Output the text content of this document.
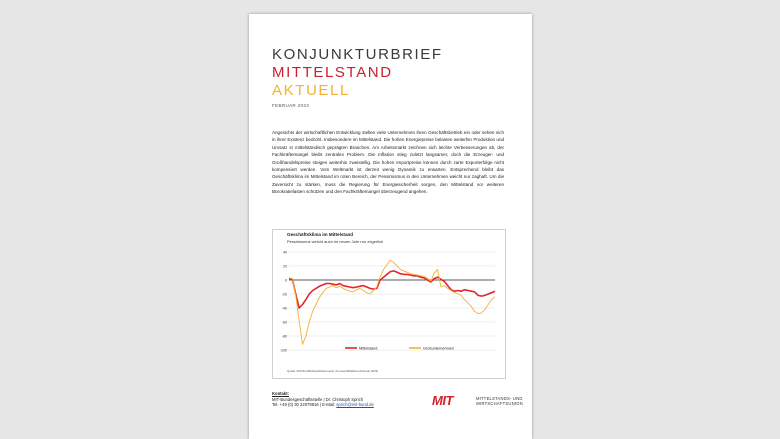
KONJUNKTURBRIEF
MITTELSTAND
AKTUELL
FEBRUAR 2023
Angesichts der wirtschaftlichen Entwicklung stellen viele Unternehmen ihren Geschäftsbetrieb ein oder sehen sich in ihrer Existenz bedroht. Insbesondere im Mittelstand. Die hohen Energiepreise belasten weiterhin Produktion und Umsatz in mittelständisch geprägten Branchen. Am Arbeitsmarkt zeichnen sich leichte Verbesserungen ab, der Fachkräftemangel bleibt zentrales Problem. Die Inflation stieg zuletzt langsamer, doch die Erzeuger- und Großhandelspreise steigen weiterhin zweistellig. Die hohen Importpreise können durch zarte Exporterfolge nicht kompensiert werden. Vom Weltmarkt ist derzeit wenig Dynamik zu erwarten. Entsprechend bleibt das Geschäftsklima im Mittelstand im roten Bereich, der Pessimismus in den Unternehmen weicht nur zaghaft. Um die Zuversicht zu stärken, muss die Regierung für Energiesicherheit sorgen, den Mittelstand vor weiteren Bürokratielasten schützen und den Fachkräftemangel überzeugend angehen.
Geschäftsklima im Mittelstand
Pessimismus weicht auch im neuen Jahr nur zögerlich
40
20
0
-20
-40
-60
-80
-100	Mittelstand	Großunternehmen
Quelle: KfW/ifo-Mittelstandsbarometer, ifo-Geschäftsklima (Februar 2023)
Kontakt:
MIT-Bundesgeschäftsstelle | Dr. Christoph Sprich
Tel. +49 (0) 30 22079816 | E-Mail: sprich@mit-bund.de	MIT	MITTELSTANDS- UND
WIRTSCHAFTSUNION
